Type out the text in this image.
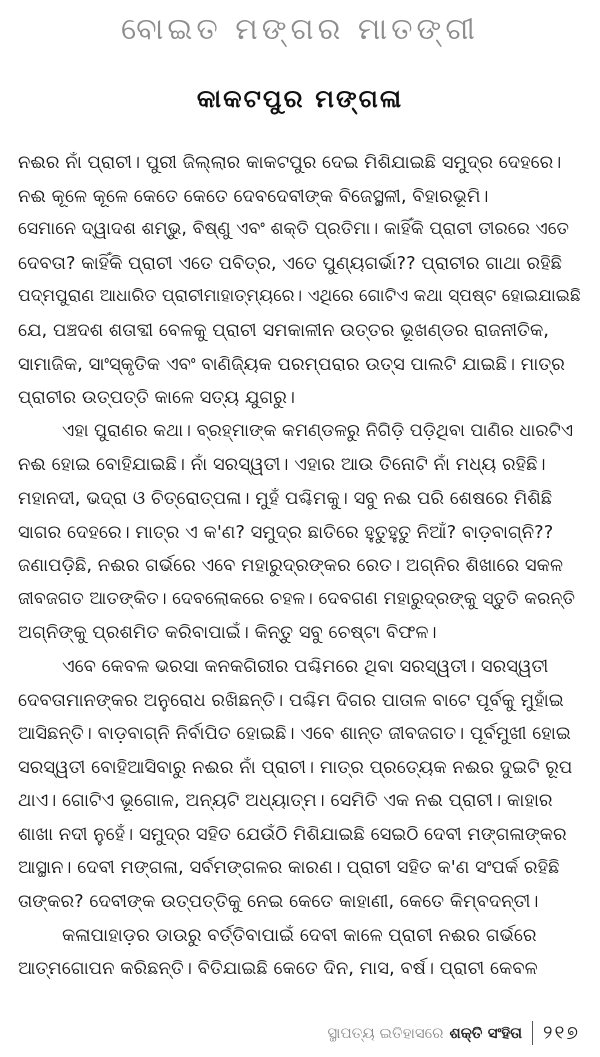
ବୋଇତ ମଙ୍ଗର ମାତଙ୍ଗୀ
କାକଟପୁର ମଙ୍ଗଳା
ନଈର ନାଁ ପ୍ରାଚୀ। ପୁରୀ ଜିଲ୍ଲାର କାକଟପୁର ଦେଇ ମିଶିଯାଇଛି ସମୁଦ୍ର ଦେହରେ।
ନଈ କୂଳେ କୂଳେ କେତେ କେତେ ଦେବଦେବୀଙ୍କ ବିଜେସ୍ଥଳୀ, ବିହାରଭୂମି।
ସେମାନେ ଦ୍ୱାଦଶ ଶମ୍ଭୁ, ବିଷ୍ଣୁ ଏବଂ ଶକ୍ତି ପ୍ରତିମା। କାହିଁକି ପ୍ରାଚୀ ତୀରରେ ଏତେ
ଦେବତା? କାହିଁକି ପ୍ରାଚୀ ଏତେ ପବିତ୍ର, ଏତେ ପୁଣ୍ୟଗର୍ଭା?? ପ୍ରାଚୀର ଗାଥା ରହିଛି
ପଦ୍ମପୁରାଣ ଆଧାରିତ ପ୍ରାଚୀମାହାତ୍ମ୍ୟରେ। ଏଥିରେ ଗୋଟିଏ କଥା ସ୍ପଷ୍ଟ ହୋଇଯାଇଛି
ଯେ, ପଞ୍ଚଦଶ ଶତାବ୍ଦୀ ବେଳକୁ ପ୍ରାଚୀ ସମକାଳୀନ ଉତ୍ତର ଭୂଖଣ୍ଡର ରାଜନୀତିକ,
ସାମାଜିକ, ସାଂସ୍କୃତିକ ଏବଂ ବାଣିଜ୍ୟିକ ପରମ୍ପରାର ଉତ୍ସ ପାଲଟି ଯାଇଛି। ମାତ୍ର
ପ୍ରାଚୀର ଉତ୍ପତ୍ତି କାଳେ ସତ୍ୟ ଯୁଗରୁ।
ଏହା ପୁରାଣର କଥା। ବ୍ରହ୍ମାଙ୍କ କମଣ୍ଡଳରୁ ନିଗିଡ଼ି ପଡ଼ିଥିବା ପାଣିର ଧାରଟିଏ
ନଈ ହୋଇ ବୋହିଯାଇଛି। ନାଁ ସରସ୍ୱତୀ। ଏହାର ଆଉ ତିନୋଟି ନାଁ ମଧ୍ୟ ରହିଛି।
ମହାନଦୀ, ଭଦ୍ରା ଓ ଚିତ୍ରୋତ୍ପଳା। ମୁହଁ ପଶ୍ଚିମକୁ। ସବୁ ନଈ ପରି ଶେଷରେ ମିଶିଛି
ସାଗର ଦେହରେ। ମାତ୍ର ଏ କ'ଣ? ସମୁଦ୍ର ଛାତିରେ ହୁତୁହୁତୁ ନିଆଁ? ବାଡ଼ବାଗ୍ନି??
ଜଣାପଡ଼ିଛି, ନଈର ଗର୍ଭରେ ଏବେ ମହାରୁଦ୍ରଙ୍କର ରେତ। ଅଗ୍ନିର ଶିଖାରେ ସକଳ
ଜୀବଜଗତ ଆତଙ୍କିତ। ଦେବଲୋକରେ ଚହଳ। ଦେବଗଣ ମହାରୁଦ୍ରଙ୍କୁ ସ୍ତୁତି କରନ୍ତି
ଅଗ୍ନିଙ୍କୁ ପ୍ରଶମିତ କରିବାପାଇଁ। କିନ୍ତୁ ସବୁ ଚେଷ୍ଟା ବିଫଳ।
ଏବେ କେବଳ ଭରସା କନକଗିରୀର ପଶ୍ଚିମରେ ଥିବା ସରସ୍ୱତୀ। ସରସ୍ୱତୀ
ଦେବତାମାନଙ୍କର ଅନୁରୋଧ ରଖିଛନ୍ତି। ପଶ୍ଚିମ ଦିଗର ପାତାଳ ବାଟେ ପୂର୍ବକୁ ମୁହାଁଇ
ଆସିଛନ୍ତି। ବାଡ଼ବାଗ୍ନି ନିର୍ବାପିତ ହୋଇଛି। ଏବେ ଶାନ୍ତ ଜୀବଜଗତ। ପୂର୍ବମୁଖୀ ହୋଇ
ସରସ୍ୱତୀ ବୋହିଆସିବାରୁ ନଈର ନାଁ ପ୍ରାଚୀ। ମାତ୍ର ପ୍ରତ୍ୟେକ ନଈର ଦୁଇଟି ରୂପ
ଥାଏ। ଗୋଟିଏ ଭୂଗୋଳ, ଅନ୍ୟଟି ଅଧ୍ୟାତ୍ମ। ସେମିତି ଏକ ନଈ ପ୍ରାଚୀ। କାହାର
ଶାଖା ନଦୀ ନୁହେଁ। ସମୁଦ୍ର ସହିତ ଯେଉଁଠି ମିଶିଯାଇଛି ସେଇଠି ଦେବୀ ମଙ୍ଗଳାଙ୍କର
ଆସ୍ଥାନ। ଦେବୀ ମଙ୍ଗଳା, ସର୍ବମଙ୍ଗଳର କାରଣ। ପ୍ରାଚୀ ସହିତ କ'ଣ ସଂପର୍କ ରହିଛି
ତାଙ୍କର? ଦେବୀଙ୍କ ଉତ୍ପତ୍ତିକୁ ନେଇ କେତେ କାହାଣୀ, କେତେ କିମ୍ବଦନ୍ତୀ।
କଳାପାହାଡ଼ର ଡାଉରୁ ବର୍ତ୍ତିବାପାଇଁ ଦେବୀ କାଳେ ପ୍ରାଚୀ ନଈର ଗର୍ଭରେ
ଆତ୍ମଗୋପନ କରିଛନ୍ତି। ବିତିଯାଇଛି କେତେ ଦିନ, ମାସ, ବର୍ଷ। ପ୍ରାଚୀ କେବଳ
ସ୍ଥାପତ୍ୟ ଇତିହାସରେ ଶକ୍ତି ସଂହିତା ୨୧୭
